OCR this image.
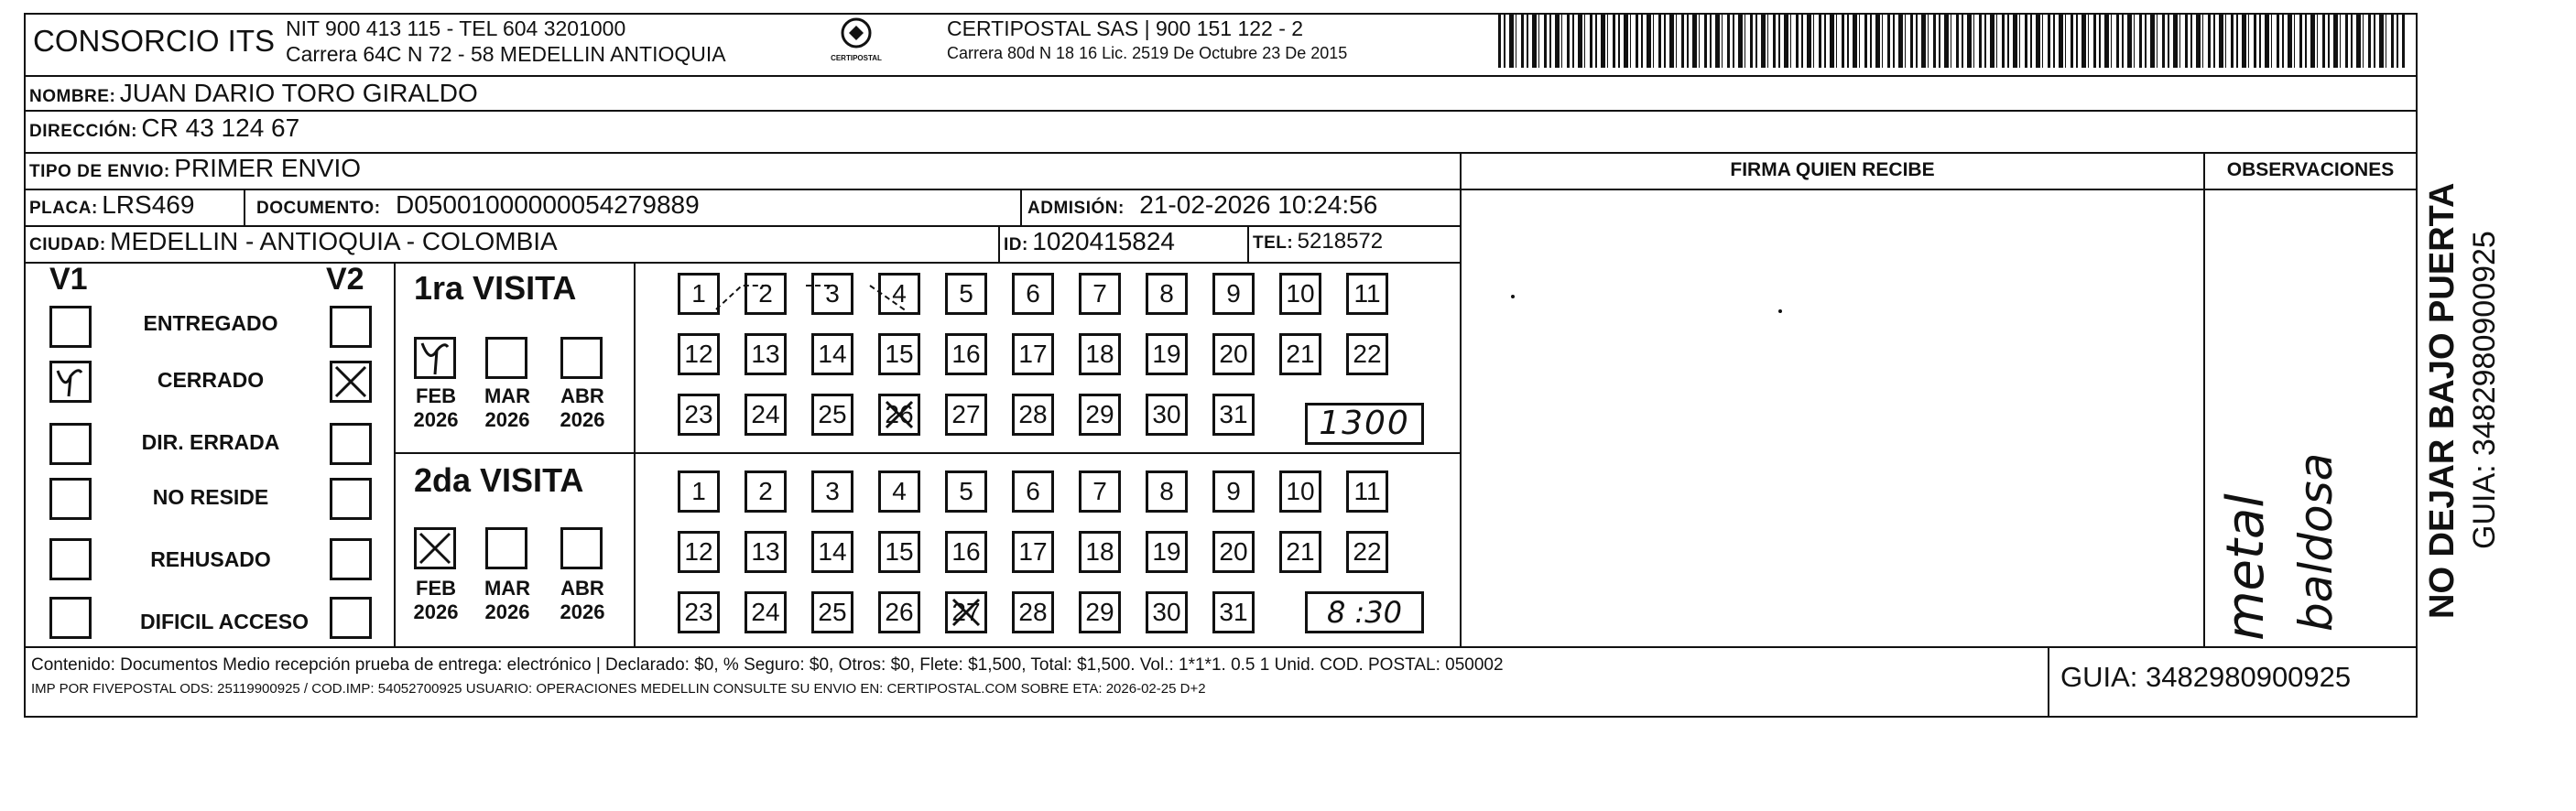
CONSORCIO ITS NIT 900 413 115 - TEL 604 3201000
Carrera 64C N 72 - 58 MEDELLIN ANTIOQUIA	CERTIPOSTAL
CERTIPOSTAL SAS | 900 151 122 - 2
Carrera 80d N 18 16 Lic. 2519 De Octubre 23 De 2015
NOMBRE: JUAN DARIO TORO GIRALDO
DIRECCIÓN: CR 43 124 67
TIPO DE ENVIO: PRIMER ENVIO	FIRMA QUIEN RECIBE	OBSERVACIONES
PLACA: LRS469	DOCUMENTO: D05001000000054279889	ADMISIÓN: 21-02-2026 10:24:56
CIUDAD: MEDELLIN - ANTIOQUIA - COLOMBIA	ID: 1020415824	TEL: 5218572
V1	V2
ENTREGADO
CERRADO
DIR. ERRADA
NO RESIDE
REHUSADO
DIFICIL ACCESO
1ra VISITA
FEB
2026
MAR
2026
ABR
2026
1	2	3	4	5	6	7	8	9	10	11
12 13 14 15 16 17 18 19 20 21 22
23 24 25 26 27 28 29 30 31	1300
2da VISITA
FEB
2026
MAR
2026
ABR
2026
1	2	3	4	5	6	7	8	9	10	11
12 13 14 15 16 17 18 19 20 21 22
23 24 25 26 27 28 29 30 31	8 :30	metal baldosa
Contenido: Documentos Medio recepción prueba de entrega: electrónico | Declarado: $0, % Seguro: $0, Otros: $0, Flete: $1,500, Total: $1,500. Vol.: 1*1*1. 0.5 1 Unid. COD. POSTAL: 050002
IMP POR FIVEPOSTAL ODS: 25119900925 / COD.IMP: 54052700925 USUARIO: OPERACIONES MEDELLIN CONSULTE SU ENVIO EN: CERTIPOSTAL.COM SOBRE ETA: 2026-02-25 D+2	GUIA: 3482980900925
NO DEJAR BAJO PUERTA GUIA: 3482980900925
